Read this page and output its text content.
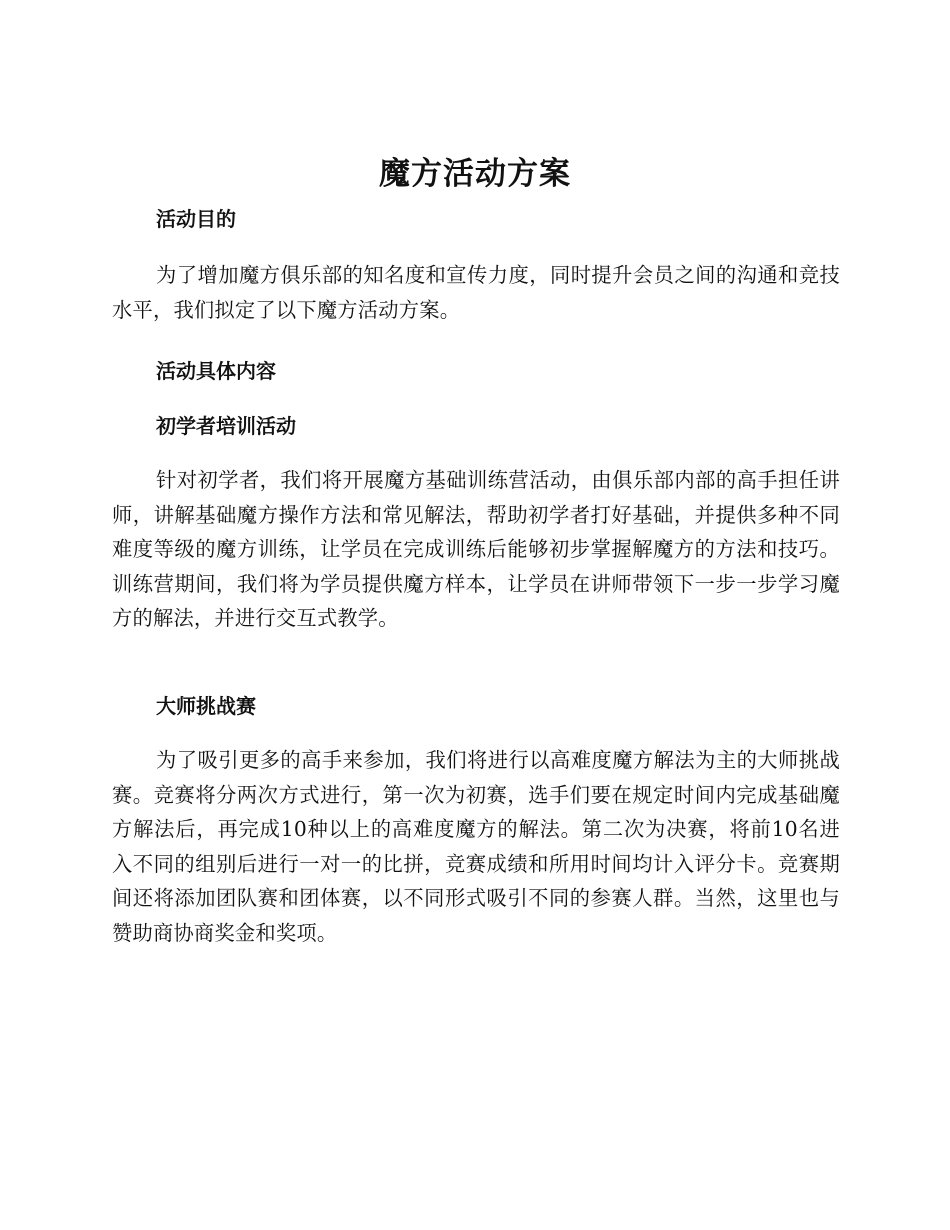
魔方活动方案
活动目的

为了增加魔方俱乐部的知名度和宣传力度，同时提升会员之间的沟通和竞技水平，我们拟定了以下魔方活动方案。

活动具体内容
初学者培训活动

针对初学者，我们将开展魔方基础训练营活动，由俱乐部内部的高手担任讲师，讲解基础魔方操作方法和常见解法，帮助初学者打好基础，并提供多种不同难度等级的魔方训练，让学员在完成训练后能够初步掌握解魔方的方法和技巧。训练营期间，我们将为学员提供魔方样本，让学员在讲师带领下一步一步学习魔方的解法，并进行交互式教学。

大师挑战赛

为了吸引更多的高手来参加，我们将进行以高难度魔方解法为主的大师挑战赛。竞赛将分两次方式进行，第一次为初赛，选手们要在规定时间内完成基础魔方解法后，再完成10种以上的高难度魔方的解法。第二次为决赛，将前10名进入不同的组别后进行一对一的比拼，竞赛成绩和所用时间均计入评分卡。竞赛期间还将添加团队赛和团体赛，以不同形式吸引不同的参赛人群。当然，这里也与赞助商协商奖金和奖项。
